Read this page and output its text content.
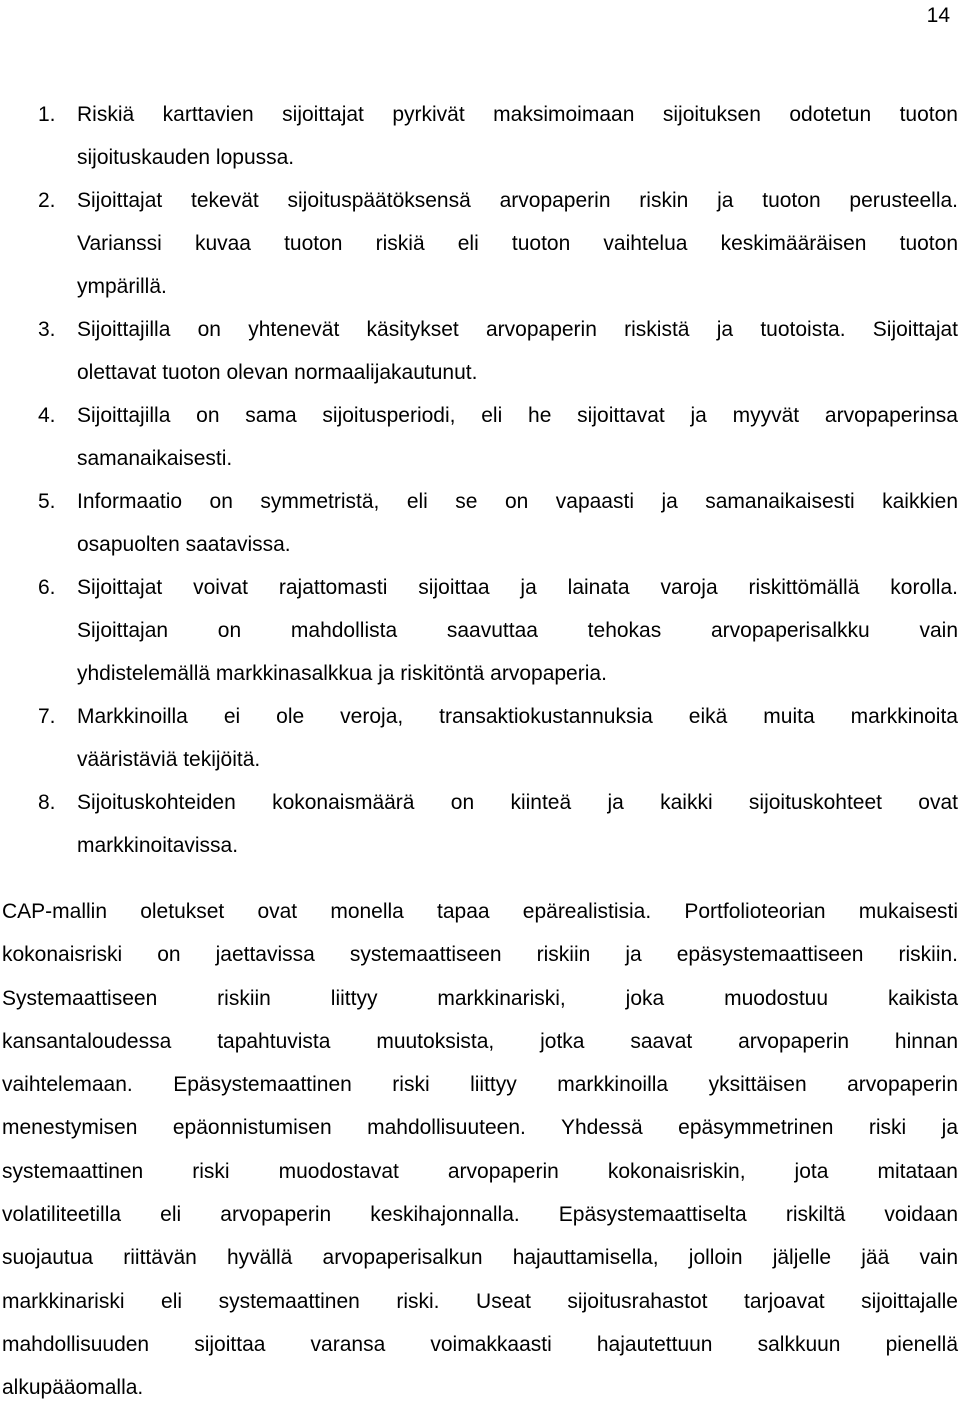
14
1. Riskiä karttavien sijoittajat pyrkivät maksimoimaan sijoituksen odotetun tuoton
sijoituskauden lopussa.
2. Sijoittajat tekevät sijoituspäätöksensä arvopaperin riskin ja tuoton perusteella.
Varianssi kuvaa tuoton riskiä eli tuoton vaihtelua keskimääräisen tuoton
ympärillä.
3. Sijoittajilla on yhtenevät käsitykset arvopaperin riskistä ja tuotoista. Sijoittajat
olettavat tuoton olevan normaalijakautunut.
4. Sijoittajilla on sama sijoitusperiodi, eli he sijoittavat ja myyvät arvopaperinsa
samanaikaisesti.
5. Informaatio on symmetristä, eli se on vapaasti ja samanaikaisesti kaikkien
osapuolten saatavissa.
6. Sijoittajat voivat rajattomasti sijoittaa ja lainata varoja riskittömällä korolla.
Sijoittajan on mahdollista saavuttaa tehokas arvopaperisalkku vain
yhdistelemällä markkinasalkkua ja riskitöntä arvopaperia.
7. Markkinoilla ei ole veroja, transaktiokustannuksia eikä muita markkinoita
vääristäviä tekijöitä.
8. Sijoituskohteiden kokonaismäärä on kiinteä ja kaikki sijoituskohteet ovat
markkinoitavissa.

CAP-mallin oletukset ovat monella tapaa epärealistisia. Portfolioteorian mukaisesti
kokonaisriski on jaettavissa systemaattiseen riskiin ja epäsystemaattiseen riskiin.
Systemaattiseen riskiin liittyy markkinariski, joka muodostuu kaikista
kansantaloudessa tapahtuvista muutoksista, jotka saavat arvopaperin hinnan
vaihtelemaan. Epäsystemaattinen riski liittyy markkinoilla yksittäisen arvopaperin
menestymisen epäonnistumisen mahdollisuuteen. Yhdessä epäsymmetrinen riski ja
systemaattinen riski muodostavat arvopaperin kokonaisriskin, jota mitataan
volatiliteetilla eli arvopaperin keskihajonnalla. Epäsystemaattiselta riskiltä voidaan
suojautua riittävän hyvällä arvopaperisalkun hajauttamisella, jolloin jäljelle jää vain
markkinariski eli systemaattinen riski. Useat sijoitusrahastot tarjoavat sijoittajalle
mahdollisuuden sijoittaa varansa voimakkaasti hajautettuun salkkuun pienellä
alkupääomalla.
